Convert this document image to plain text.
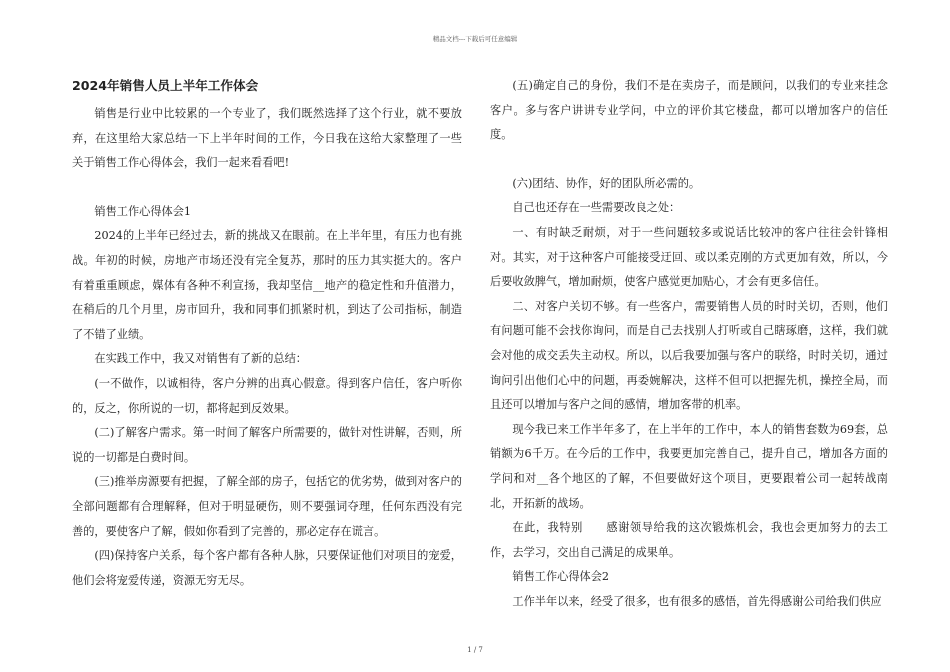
精品文档---下载后可任意编辑
2024年销售人员上半年工作体会

销售是行业中比较累的一个专业了，我们既然选择了这个行业，就不要放弃，在这里给大家总结一下上半年时间的工作，今日我在这给大家整理了一些关于销售工作心得体会，我们一起来看看吧!

销售工作心得体会1

2024的上半年已经过去，新的挑战又在眼前。在上半年里，有压力也有挑战。年初的时候，房地产市场还没有完全复苏，那时的压力其实挺大的。客户有着重重顾虑，媒体有各种不利宣扬，我却坚信__地产的稳定性和升值潜力，在稍后的几个月里，房市回升，我和同事们抓紧时机，到达了公司指标，制造了不错了业绩。

在实践工作中，我又对销售有了新的总结：

(一不做作，以诚相待，客户分辨的出真心假意。得到客户信任，客户听你的，反之，你所说的一切，都将起到反效果。

(二)了解客户需求。第一时间了解客户所需要的，做针对性讲解，否则，所说的一切都是白费时间。

(三)推举房源要有把握，了解全部的房子，包括它的优劣势，做到对客户的全部问题都有合理解释，但对于明显硬伤，则不要强词夺理，任何东西没有完善的，要使客户了解，假如你看到了完善的，那必定存在谎言。

(四)保持客户关系，每个客户都有各种人脉，只要保证他们对项目的宠爱，他们会将宠爱传递，资源无穷无尽。

(五)确定自己的身份，我们不是在卖房子，而是顾问，以我们的专业来挂念客户。多与客户讲讲专业学问，中立的评价其它楼盘，都可以增加客户的信任度。

(六)团结、协作，好的团队所必需的。

自己也还存在一些需要改良之处：

一、有时缺乏耐烦，对于一些问题较多或说话比较冲的客户往往会针锋相对。其实，对于这种客户可能接受迂回、或以柔克刚的方式更加有效，所以，今后要收敛脾气，增加耐烦，使客户感觉更加贴心，才会有更多信任。

二、对客户关切不够。有一些客户，需要销售人员的时时关切，否则，他们有问题可能不会找你询问，而是自己去找别人打听或自己瞎琢磨，这样，我们就会对他的成交丢失主动权。所以，以后我要加强与客户的联络，时时关切，通过询问引出他们心中的问题，再委婉解决，这样不但可以把握先机，操控全局，而且还可以增加与客户之间的感情，增加客带的机率。

现今我已来工作半年多了，在上半年的工作中，本人的销售套数为69套，总销额为6千万。在今后的工作中，我要更加完善自己，提升自己，增加各方面的学问和对__各个地区的了解，不但要做好这个项目，更要跟着公司一起转战南北，开拓新的战场。

在此，我特别　　感谢领导给我的这次锻炼机会，我也会更加努力的去工作，去学习，交出自己满足的成果单。

销售工作心得体会2

工作半年以来，经受了很多，也有很多的感悟，首先得感谢公司给我们供应

1 / 7
